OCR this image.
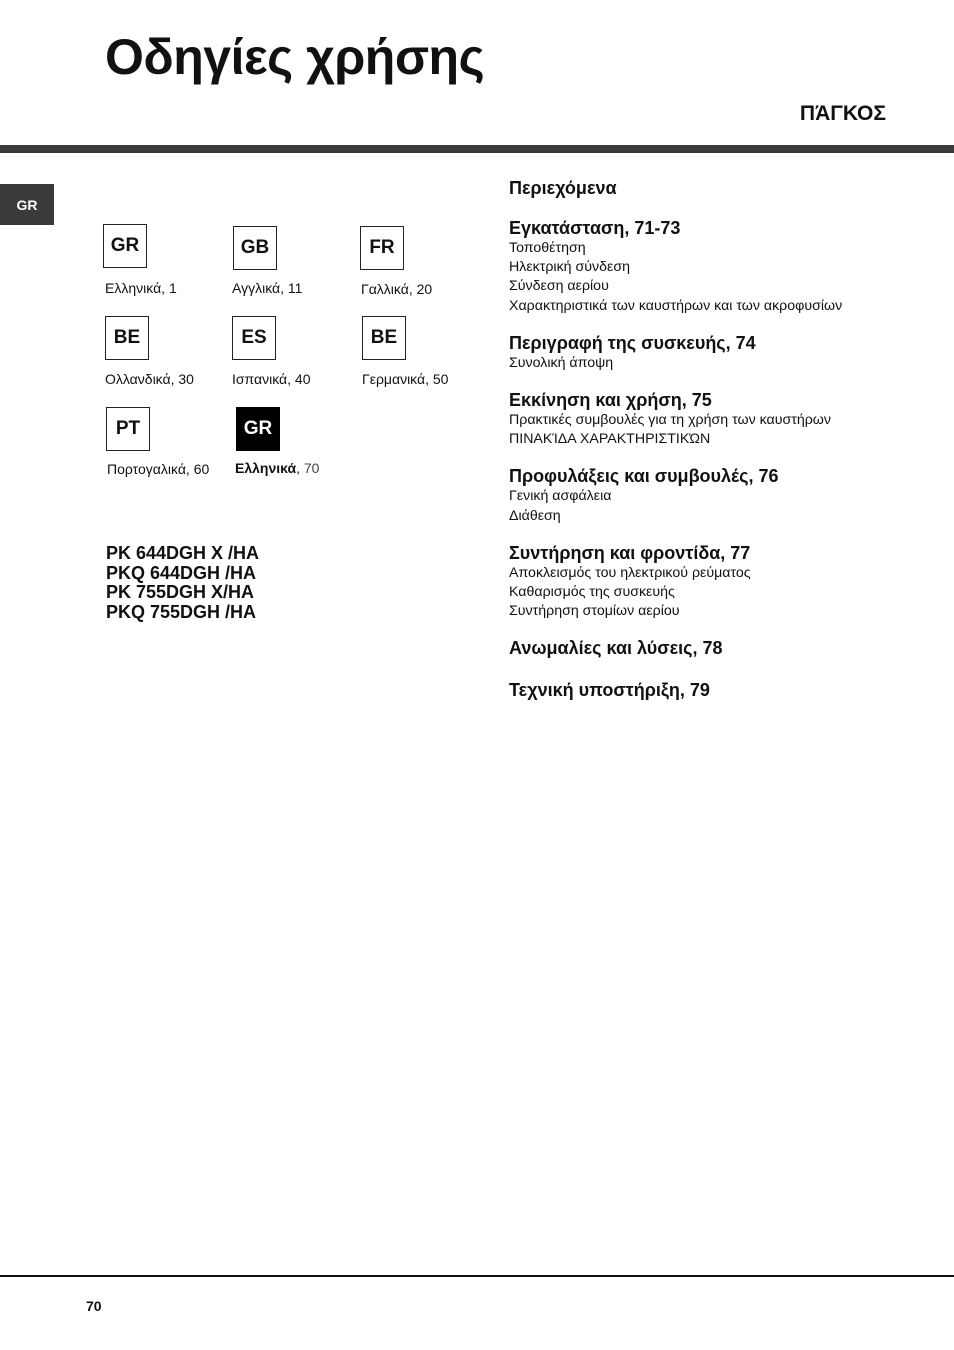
Οδηγίες χρήσης
ΠΆΓΚΟΣ
GR
GR
Ελληνικά, 1
GB
Αγγλικά, 11
FR
Γαλλικά, 20
BE
Ολλανδικά, 30
ES
Ισπανικά, 40
BE
Γερμανικά, 50
PT
Πορτογαλικά, 60
GR
Ελληνικά, 70
PK 644DGH X /HA
PKQ 644DGH /HA
PK 755DGH X/HA
PKQ 755DGH /HA
Περιεχόμενα
Εγκατάσταση, 71-73
Τοποθέτηση
Ηλεκτρική σύνδεση
Σύνδεση αερίου
Χαρακτηριστικά των καυστήρων και των ακροφυσίων
Περιγραφή της συσκευής, 74
Συνολική άποψη
Εκκίνηση και χρήση, 75
Πρακτικές συμβουλές για τη χρήση των καυστήρων
ΠΙΝΑΚΊΔΑ ΧΑΡΑΚΤΗΡΙΣΤΙΚΏΝ
Προφυλάξεις και συμβουλές, 76
Γενική ασφάλεια
Διάθεση
Συντήρηση και φροντίδα, 77
Αποκλεισμός του ηλεκτρικού ρεύματος
Καθαρισμός της συσκευής
Συντήρηση στομίων αερίου
Ανωμαλίες και λύσεις, 78
Τεχνική υποστήριξη, 79
70
